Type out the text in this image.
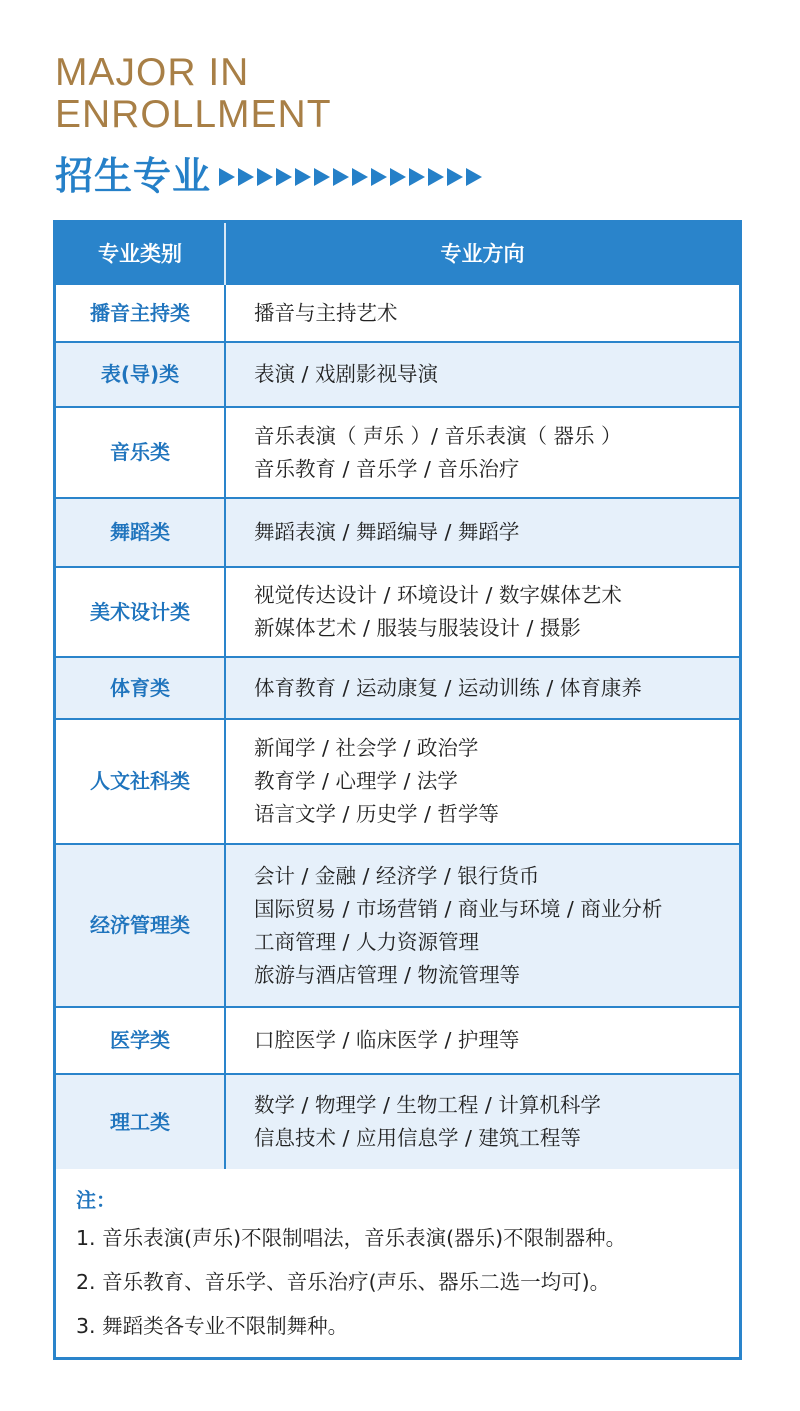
MAJOR IN
ENROLLMENT
招生专业
专业类别	专业方向
播音主持类	播音与主持艺术

表(导)类	表演 / 戏剧影视导演

音乐类	音乐表演（ 声乐 ）/ 音乐表演（ 器乐 ）
音乐教育 / 音乐学 / 音乐治疗

舞蹈类	舞蹈表演 / 舞蹈编导 / 舞蹈学

美术设计类	视觉传达设计 / 环境设计 / 数字媒体艺术
新媒体艺术 / 服装与服装设计 / 摄影

体育类	体育教育 / 运动康复 / 运动训练 / 体育康养

人文社科类	新闻学 / 社会学 / 政治学
教育学 / 心理学 / 法学
语言文学 / 历史学 / 哲学等

经济管理类	会计 / 金融 / 经济学 / 银行货币
国际贸易 / 市场营销 / 商业与环境 / 商业分析
工商管理 / 人力资源管理
旅游与酒店管理 / 物流管理等

医学类	口腔医学 / 临床医学 / 护理等

理工类	数学 / 物理学 / 生物工程 / 计算机科学
信息技术 / 应用信息学 / 建筑工程等
注：
1. 音乐表演(声乐)不限制唱法，音乐表演(器乐)不限制器种。
2. 音乐教育、音乐学、音乐治疗(声乐、器乐二选一均可)。
3. 舞蹈类各专业不限制舞种。
